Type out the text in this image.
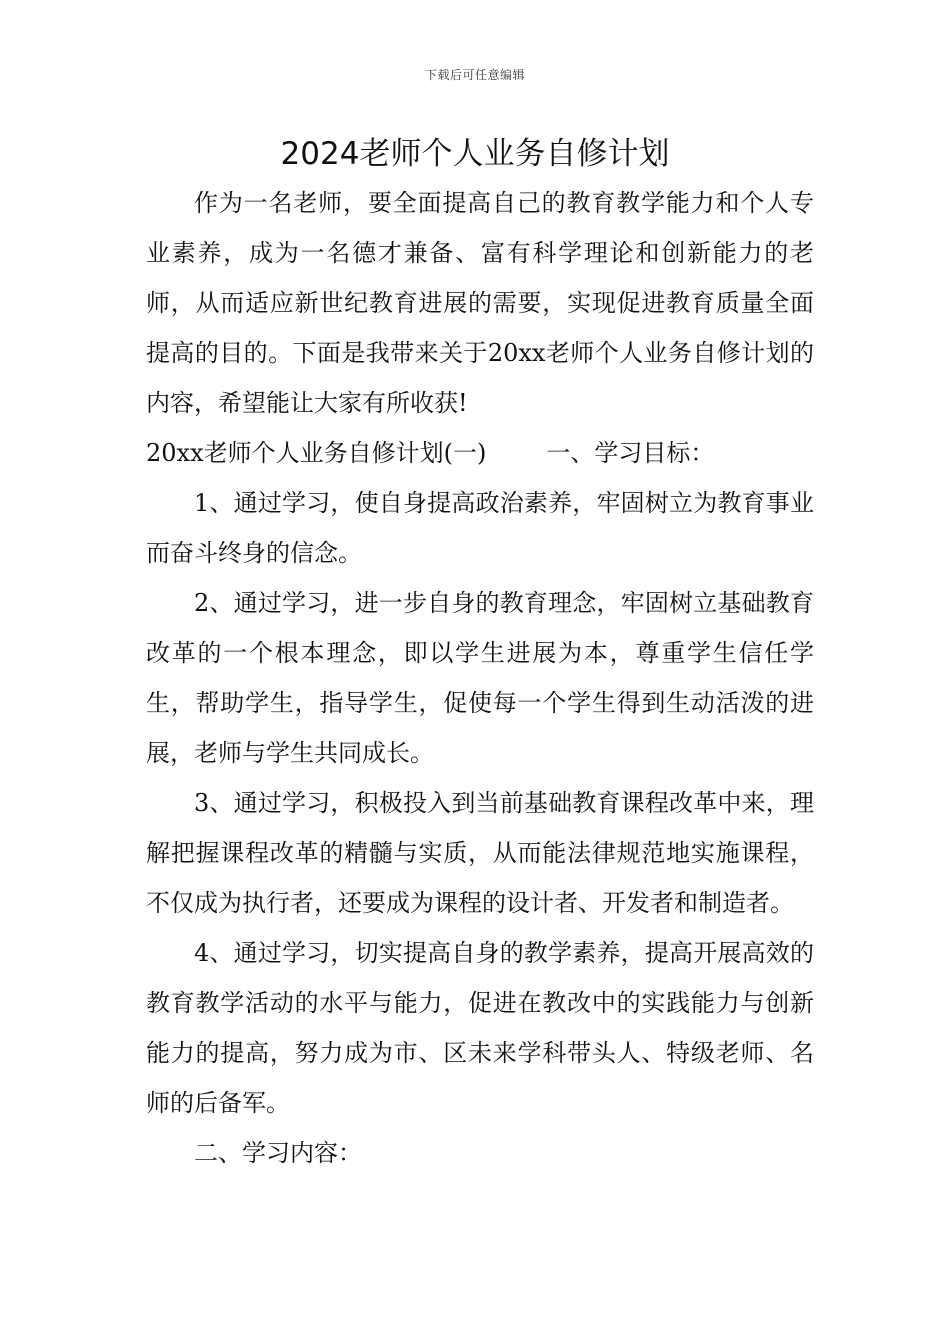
下载后可任意编辑
2024老师个人业务自修计划

作为一名老师，要全面提高自己的教育教学能力和个人专业素养，成为一名德才兼备、富有科学理论和创新能力的老师，从而适应新世纪教育进展的需要，实现促进教育质量全面提高的目的。下面是我带来关于20xx老师个人业务自修计划的内容，希望能让大家有所收获!

20xx老师个人业务自修计划(一)	一、学习目标：

1、通过学习，使自身提高政治素养，牢固树立为教育事业而奋斗终身的信念。

2、通过学习，进一步自身的教育理念，牢固树立基础教育改革的一个根本理念，即以学生进展为本，尊重学生信任学生，帮助学生，指导学生，促使每一个学生得到生动活泼的进展，老师与学生共同成长。

3、通过学习，积极投入到当前基础教育课程改革中来，理解把握课程改革的精髓与实质，从而能法律规范地实施课程，不仅成为执行者，还要成为课程的设计者、开发者和制造者。

4、通过学习，切实提高自身的教学素养，提高开展高效的教育教学活动的水平与能力，促进在教改中的实践能力与创新能力的提高，努力成为市、区未来学科带头人、特级老师、名师的后备军。

二、学习内容：
